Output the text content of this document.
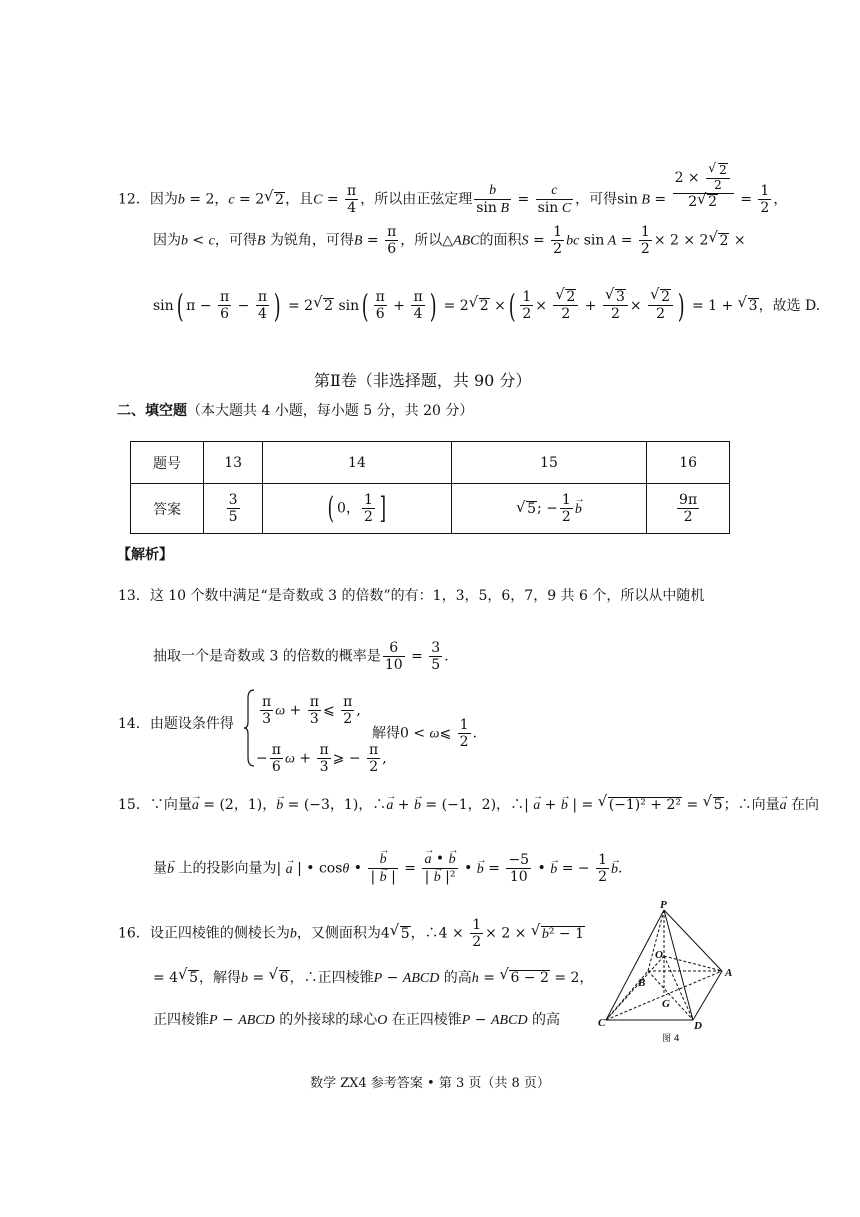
12．因为b = 2，c = 2 √ 2，且$C = \frac{\pi}{4}$ ，所以由正弦定理 $\frac{b}{\text{sin B}} = \frac{c}{\text{sin C}}$ ，可得$\sin B = \frac{2 \times √ \frac{2}{2}}{2 √ 2} = \frac{1}{2}$ ，
因为b < c，可得B 为锐角，可得$B = \frac{\pi}{6}$ ，所以△ABC的面积$S = \frac{1}{2}$ bc $\sin A = \frac{1}{2} \times 2 \times 2$ √ 2 ×
sin( $\pi - \frac{\pi}{6} - \frac{\pi}{4}$ ) = 2 √ 2 $\sin( \frac{\pi}{6} + \frac{\pi}{4}$ ) = 2 √ 2 ×( $\frac{1}{2}$ × √ $\frac{2}{2}$ + √ $\frac{3}{2}$ × √ $\frac{2}{2}$ ) = 1 + √ 3，故选 D.
第Ⅱ卷（非选择题，共 90 分）
二、填空题（本大题共 4 小题，每小题 5 分，共 20 分）
题号	13	14	15	16
答案	$\frac{3}{5}$	( 0， $\frac{1}{2}$ ]	√ 5; − $\frac{1}{2}$ b →	$\frac{9\pi}{2}$
【解析】
13．这 10 个数中满足“是奇数或 3 的倍数”的有：1，3，5，6，7，9 共 6 个，所以从中随机
抽取一个是奇数或 3 的倍数的概率是 $\frac{6}{10} = \frac{3}{5}$ .
14．由题设条件得 $\frac{\pi}{3}$ $\omega + \frac{\pi}{3}$ ⩽ $\frac{\pi}{2}$ ,
− $\frac{\pi}{6}$ $\omega + \frac{\pi}{3}$ ⩾ − $\frac{\pi}{2}$ ,
解得0 < ω⩽ $\frac{1}{2}$ .
15．∵向量a → = (2，1)，b → = (−3，1)，∴a → + b → = (−1，2)，∴| a → + b → | = √ (−1)² + 2² = √ 5；∴向量a → 在向
量b → 上的投影向量为| a → | • cosθ • $\frac{b \to}{| b \to |} = \frac{a \to • b \to}{\text{| b → |²}}$ • b → = $\frac{-5}{10}$ • b → = − $\frac{1}{2}$ b →.
16．设正四棱锥的侧棱长为b，又侧面积为4 √ 5，∴4 × $\frac{1}{2} \times 2$ × √ b² − 1
= 4 √ 5，解得b = √ 6，∴正四棱锥P − ABCD 的高h = √ 6 − 2 = 2，
正四棱锥P − ABCD 的外接球的球心O 在正四棱锥P − ABCD 的高
P
O
A
B
G
C	D
图 4
数学 ZX4 参考答案 • 第 3 页（共 8 页）
